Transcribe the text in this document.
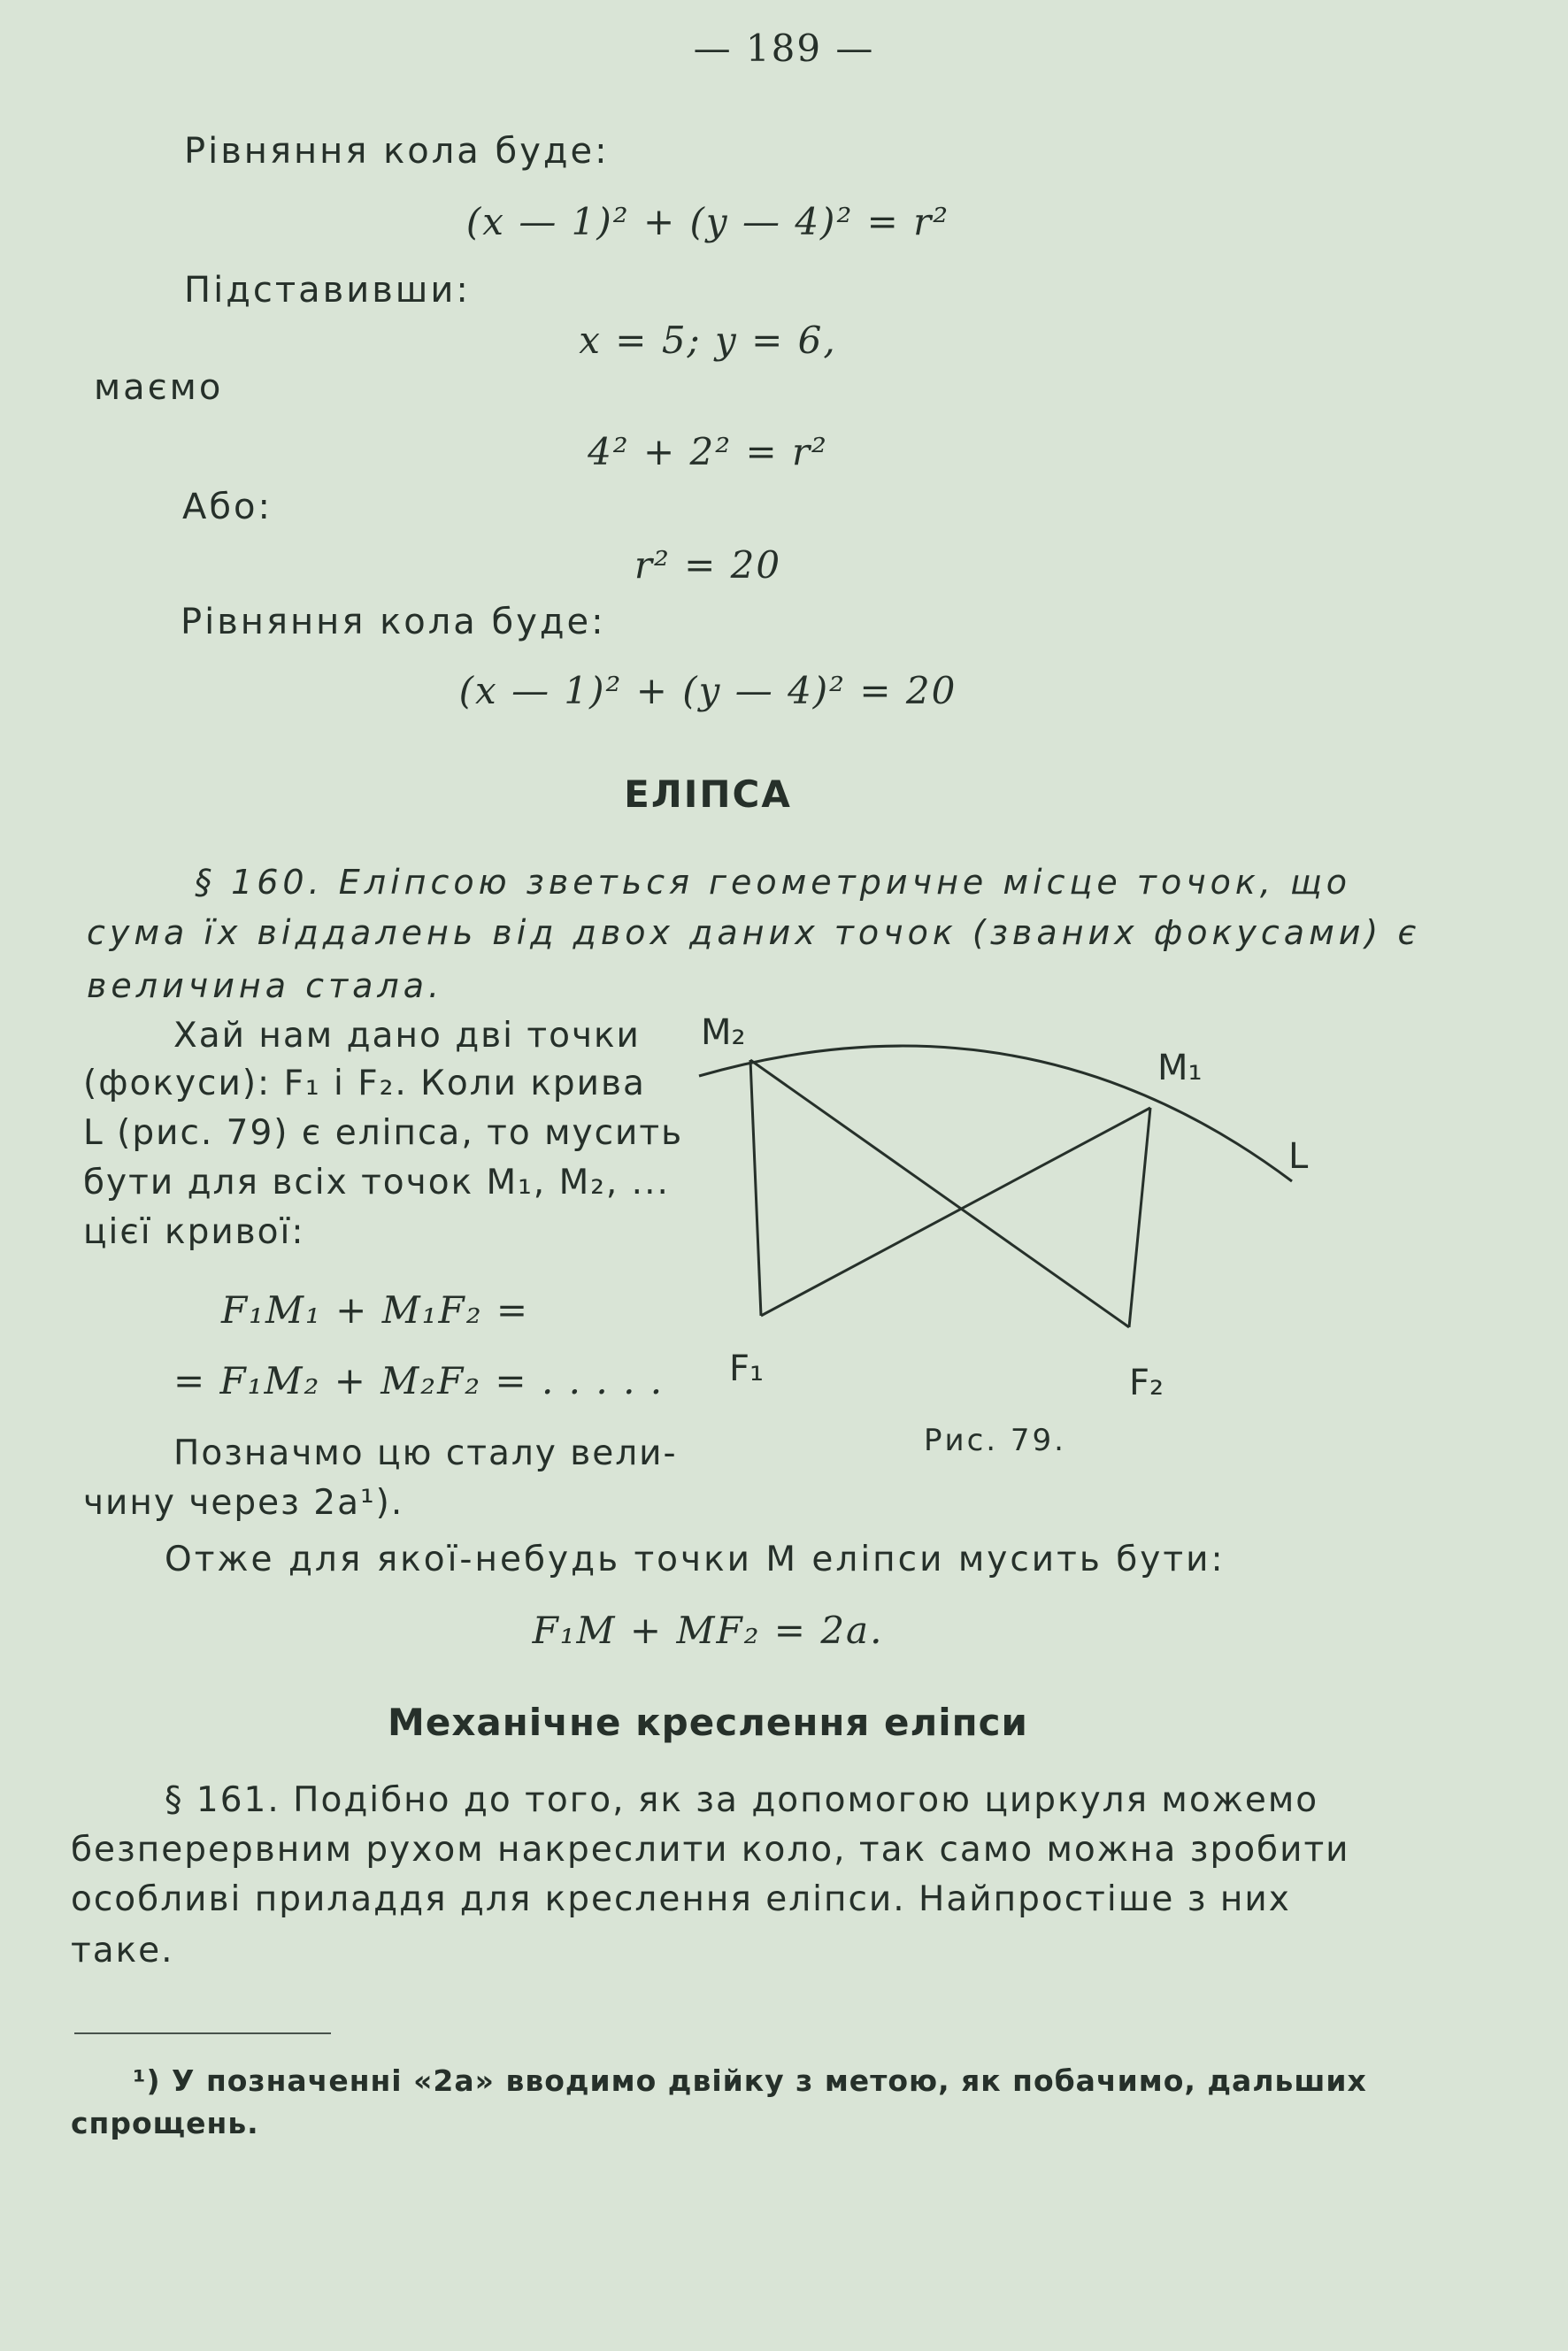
— 189 —
Рівняння кола буде:
(x — 1)² + (y — 4)² = r²
Підставивши:
x = 5; y = 6,
маємо
4² + 2² = r²
Або:
r² = 20
Рівняння кола буде:
(x — 1)² + (y — 4)² = 20
ЕЛІПСА
§ 160. Еліпсою зветься геометричне місце точок, що
сума їх віддалень від двох даних точок (званих фокусами) є
величина стала.
Хай нам дано дві точки
(фокуси): F₁ і F₂. Коли крива
L (рис. 79) є еліпса, то мусить
бути для всіх точок M₁, M₂, ...
цієї кривої:
F₁M₁ + M₁F₂ =
= F₁M₂ + M₂F₂ = . . . . .
Позначмо цю сталу вели-
чину через 2a¹).
M₂
M₁
L
F₁	F₂
Рис. 79.
Отже для якої-небудь точки M еліпси мусить бути:
F₁M + MF₂ = 2a.
Механічне креслення еліпси
§ 161. Подібно до того, як за допомогою циркуля можемо
безперервним рухом накреслити коло, так само можна зробити
особливі приладдя для креслення еліпси. Найпростіше з них
таке.
¹) У позначенні «2a» вводимо двійку з метою, як побачимо, дальших
спрощень.
